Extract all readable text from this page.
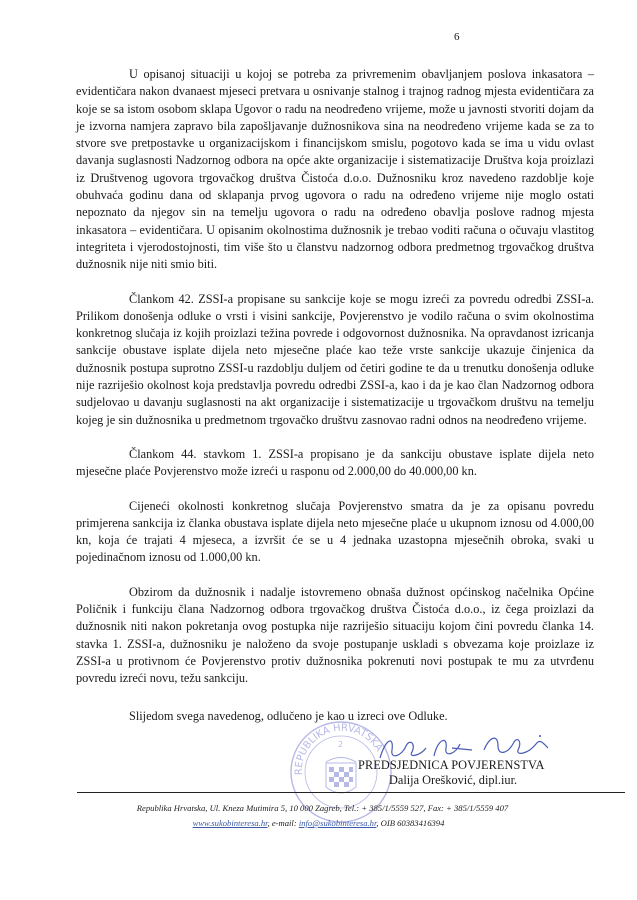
6

U opisanoj situaciji u kojoj se potreba za privremenim obavljanjem poslova inkasatora – evidentičara nakon dvanaest mjeseci pretvara u osnivanje stalnog i trajnog radnog mjesta evidentičara za koje se sa istom osobom sklapa Ugovor o radu na neodređeno vrijeme, može u javnosti stvoriti dojam da je izvorna namjera zapravo bila zapošljavanje dužnosnikova sina na neodređeno vrijeme kada se za to stvore sve pretpostavke u organizacijskom i financijskom smislu, pogotovo kada se ima u vidu ovlast davanja suglasnosti Nadzornog odbora na opće akte organizacije i sistematizacije Društva koja proizlazi iz Društvenog ugovora trgovačkog društva Čistoća d.o.o. Dužnosniku kroz navedeno razdoblje koje obuhvaća godinu dana od sklapanja prvog ugovora o radu na određeno vrijeme nije moglo ostati nepoznato da njegov sin na temelju ugovora o radu na određeno obavlja poslove radnog mjesta inkasatora – evidentičara. U opisanim okolnostima dužnosnik je trebao voditi računa o očuvaju vlastitog integriteta i vjerodostojnosti, tim više što u članstvu nadzornog odbora predmetnog trgovačkog društva dužnosnik nije niti smio biti.

Člankom 42. ZSSI-a propisane su sankcije koje se mogu izreći za povredu odredbi ZSSI-a. Prilikom donošenja odluke o vrsti i visini sankcije, Povjerenstvo je vodilo računa o svim okolnostima konkretnog slučaja iz kojih proizlazi težina povrede i odgovornost dužnosnika. Na opravdanost izricanja sankcije obustave isplate dijela neto mjesečne plaće kao teže vrste sankcije ukazuje činjenica da dužnosnik postupa suprotno ZSSI-u razdoblju duljem od četiri godine te da u trenutku donošenja odluke nije razriješio okolnost koja predstavlja povredu odredbi ZSSI-a, kao i da je kao član Nadzornog odbora sudjelovao u davanju suglasnosti na akt organizacije i sistematizacije u trgovačkom društvu na temelju kojeg je sin dužnosnika u predmetnom trgovačko društvu zasnovao radni odnos na neodređeno vrijeme.

Člankom 44. stavkom 1. ZSSI-a propisano je da sankciju obustave isplate dijela neto mjesečne plaće Povjerenstvo može izreći u rasponu od 2.000,00 do 40.000,00 kn.

Cijeneći okolnosti konkretnog slučaja Povjerenstvo smatra da je za opisanu povredu primjerena sankcija iz članka obustava isplate dijela neto mjesečne plaće u ukupnom iznosu od 4.000,00 kn, koja će trajati 4 mjeseca, a izvršit će se u 4 jednaka uzastopna mjesečnih obroka, svaki u pojedinačnom iznosu od 1.000,00 kn.

Obzirom da dužnosnik i nadalje istovremeno obnaša dužnost općinskog načelnika Općine Poličnik i funkciju člana Nadzornog odbora trgovačkog društva Čistoća d.o.o., iz čega proizlazi da dužnosnik niti nakon pokretanja ovog postupka nije razriješio situaciju kojom čini povredu članka 14. stavka 1. ZSSI-a, dužnosniku je naloženo da svoje postupanje uskladi s obvezama koje proizlaze iz ZSSI-a u protivnom će Povjerenstvo protiv dužnosnika pokrenuti novi postupak te mu za utvrđenu povredu izreći novu, težu sankciju.

Slijedom svega navedenog, odlučeno je kao u izreci ove Odluke.
REPUBLIKA HRVATSKA
2
PREDSJEDNICA POVJERENSTVA
Dalija Orešković, dipl.iur.
Republika Hrvatska, Ul. Kneza Mutimira 5, 10 000 Zagreb, Tel.: + 385/1/5559 527, Fax: + 385/1/5559 407
www.sukobinteresa.hr, e-mail: info@sukobinteresa.hr, OIB 60383416394
